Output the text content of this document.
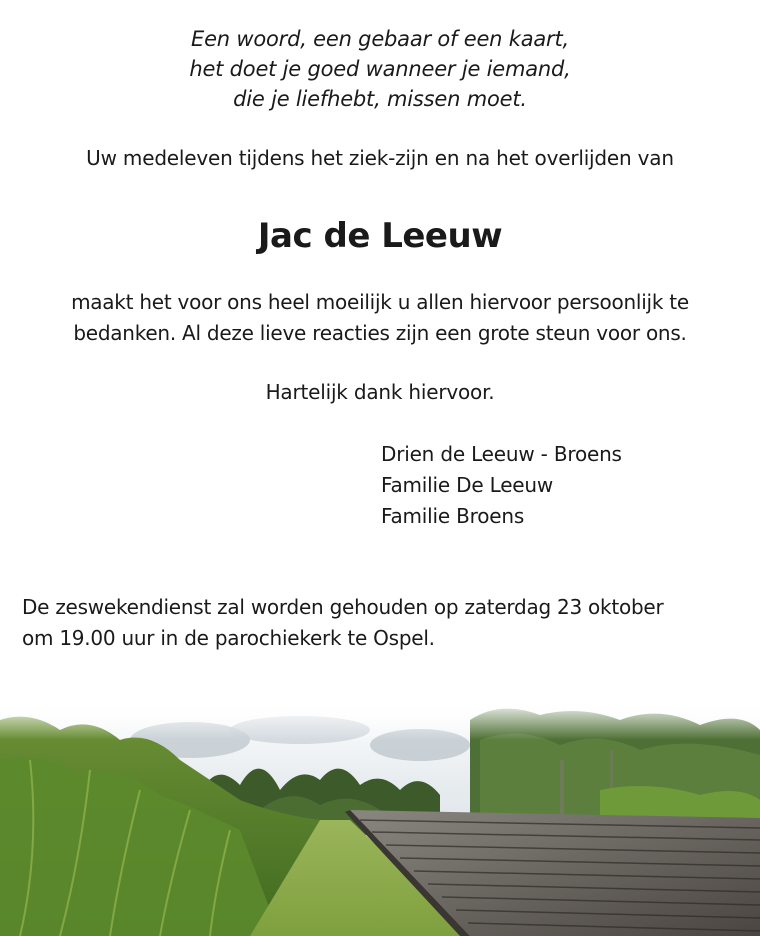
Een woord, een gebaar of een kaart,
het doet je goed wanneer je iemand,
die je liefhebt, missen moet.
Uw medeleven tijdens het ziek-zijn en na het overlijden van
Jac de Leeuw
maakt het voor ons heel moeilijk u allen hiervoor persoonlijk te
bedanken. Al deze lieve reacties zijn een grote steun voor ons.
Hartelijk dank hiervoor.
Drien de Leeuw - Broens
Familie De Leeuw
Familie Broens
De zeswekendienst zal worden gehouden op zaterdag 23 oktober
om 19.00 uur in de parochiekerk te Ospel.
